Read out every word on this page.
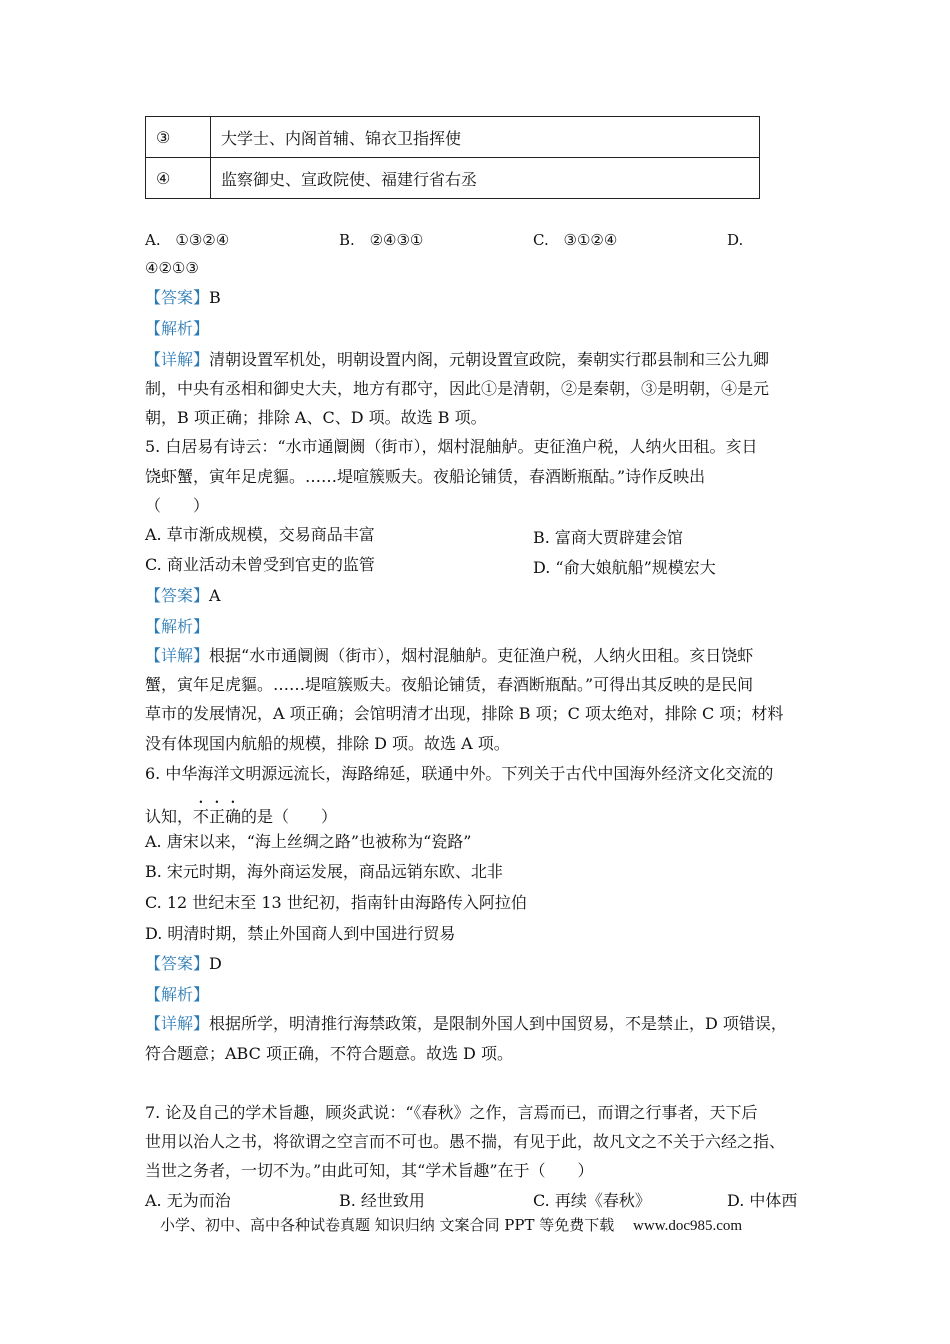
③	大学士、内阁首辅、锦衣卫指挥使
④	监察御史、宣政院使、福建行省右丞
A. ①③②④	B. ②④③①	C. ③①②④	D.
④②①③
【答案】B
【解析】
【详解】清朝设置军机处，明朝设置内阁，元朝设置宣政院，秦朝实行郡县制和三公九卿
制，中央有丞相和御史大夫，地方有郡守，因此①是清朝，②是秦朝，③是明朝，④是元
朝，B 项正确；排除 A、C、D 项。故选 B 项。
5. 白居易有诗云：“水市通阛阓（街市），烟村混舳舻。吏征渔户税，人纳火田租。亥日
饶虾蟹，寅年足虎貙。……堤喧簇贩夫。夜船论铺赁，春酒断瓶酤。”诗作反映出
（　　）
A. 草市渐成规模，交易商品丰富	B. 富商大贾辟建会馆
C. 商业活动未曾受到官吏的监管	D. “俞大娘航船”规模宏大
【答案】A
【解析】
【详解】根据“水市通阛阓（街市），烟村混舳舻。吏征渔户税，人纳火田租。亥日饶虾
蟹，寅年足虎貙。……堤喧簇贩夫。夜船论铺赁，春酒断瓶酤。”可得出其反映的是民间
草市的发展情况，A 项正确；会馆明清才出现，排除 B 项；C 项太绝对，排除 C 项；材料
没有体现国内航船的规模，排除 D 项。故选 A 项。
6. 中华海洋文明源远流长，海路绵延，联通中外。下列关于古代中国海外经济文化交流的
认知，不正确的是（　　）
A. 唐宋以来，“海上丝绸之路”也被称为“瓷路”
B. 宋元时期，海外商运发展，商品远销东欧、北非
C. 12 世纪末至 13 世纪初，指南针由海路传入阿拉伯
D. 明清时期，禁止外国商人到中国进行贸易
【答案】D
【解析】
【详解】根据所学，明清推行海禁政策，是限制外国人到中国贸易，不是禁止，D 项错误，
符合题意；ABC 项正确，不符合题意。故选 D 项。
7. 论及自己的学术旨趣，顾炎武说：“《春秋》之作，言焉而已，而谓之行事者，天下后
世用以治人之书，将欲谓之空言而不可也。愚不揣，有见于此，故凡文之不关于六经之指、
当世之务者，一切不为。”由此可知，其“学术旨趣”在于（　　）
A. 无为而治	B. 经世致用	C. 再续《春秋》	D. 中体西
小学、初中、高中各种试卷真题 知识归纳 文案合同 PPT 等免费下载 www.doc985.com
